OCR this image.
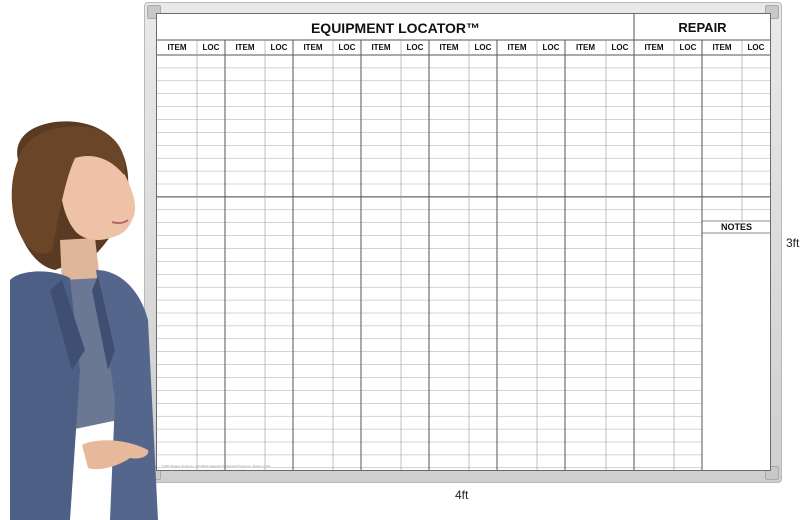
EQUIPMENT LOCATOR™	REPAIR
ITEM	LOC	ITEM	LOC	ITEM	LOC	ITEM	LOC	ITEM	LOC	ITEM	LOC	ITEM	LOC	ITEM	LOC	ITEM	LOC
NOTES
©2009 Magna Visual Inc. • ProMark Magnetic Whiteboard Systems • Made in USA
3ft
4ft
